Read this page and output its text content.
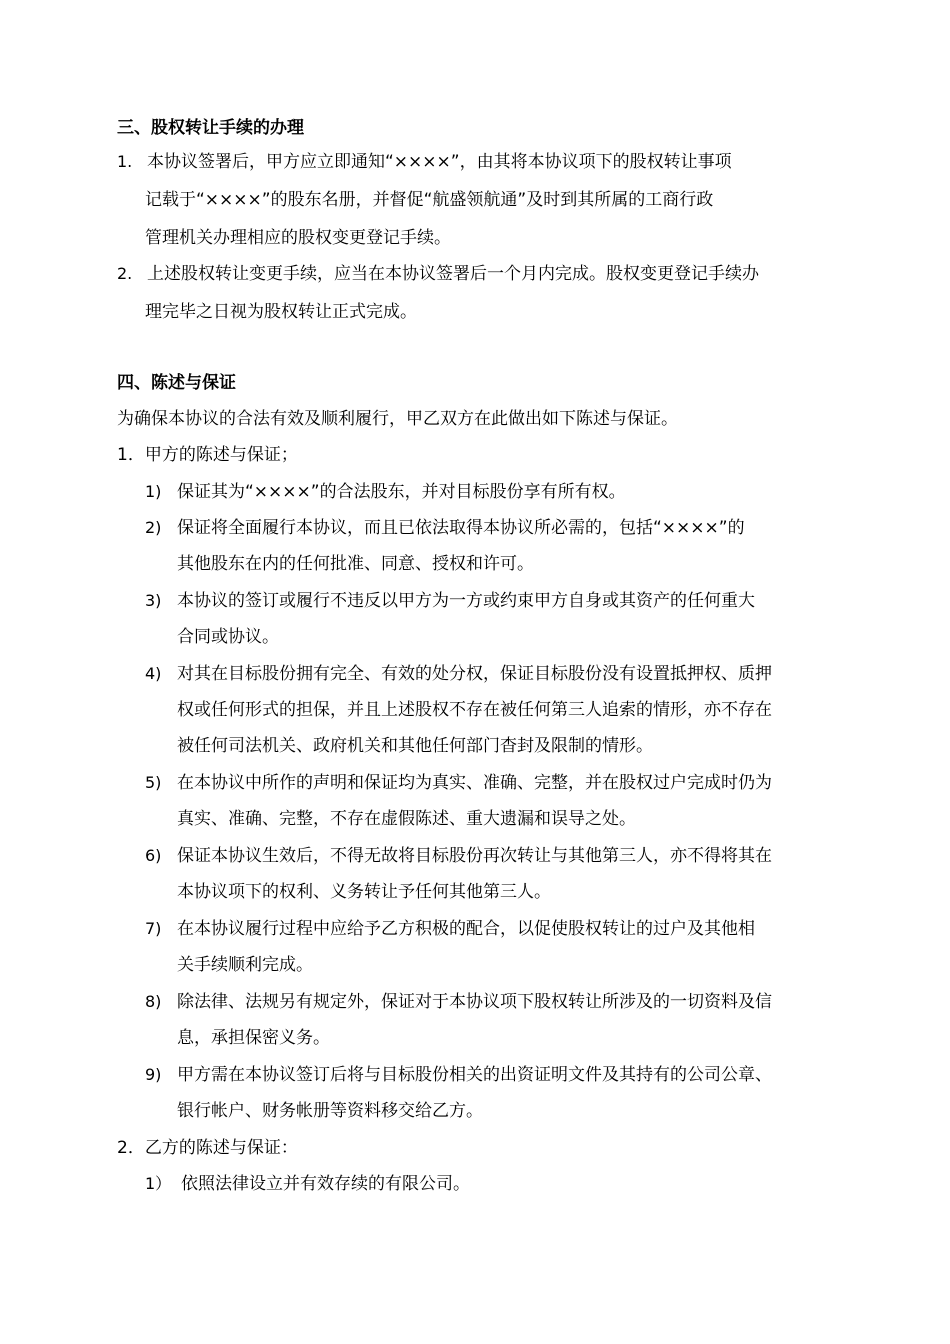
三、股权转让手续的办理

1. 本协议签署后，甲方应立即通知“××××”，由其将本协议项下的股权转让事项

记载于“××××”的股东名册，并督促“航盛领航通”及时到其所属的工商行政

管理机关办理相应的股权变更登记手续。

2. 上述股权转让变更手续，应当在本协议签署后一个月内完成。股权变更登记手续办

理完毕之日视为股权转让正式完成。

四、陈述与保证

为确保本协议的合法有效及顺利履行，甲乙双方在此做出如下陈述与保证。

1．甲方的陈述与保证；

1) 保证其为“××××”的合法股东，并对目标股份享有所有权。

2) 保证将全面履行本协议，而且已依法取得本协议所必需的，包括“××××”的

其他股东在内的任何批准、同意、授权和许可。

3) 本协议的签订或履行不违反以甲方为一方或约束甲方自身或其资产的任何重大

合同或协议。

4) 对其在目标股份拥有完全、有效的处分权，保证目标股份没有设置抵押权、质押

权或任何形式的担保，并且上述股权不存在被任何第三人追索的情形，亦不存在

被任何司法机关、政府机关和其他任何部门杳封及限制的情形。

5) 在本协议中所作的声明和保证均为真实、准确、完整，并在股权过户完成时仍为

真实、准确、完整，不存在虚假陈述、重大遗漏和误导之处。

6) 保证本协议生效后，不得无故将目标股份再次转让与其他第三人，亦不得将其在

本协议项下的权利、义务转让予任何其他第三人。

7) 在本协议履行过程中应给予乙方积极的配合，以促使股权转让的过户及其他相

关手续顺利完成。

8) 除法律、法规另有规定外，保证对于本协议项下股权转让所涉及的一切资料及信

息，承担保密义务。

9) 甲方需在本协议签订后将与目标股份相关的出资证明文件及其持有的公司公章、

银行帐户、财务帐册等资料移交给乙方。

2．乙方的陈述与保证：

1） 依照法律设立并有效存续的有限公司。
